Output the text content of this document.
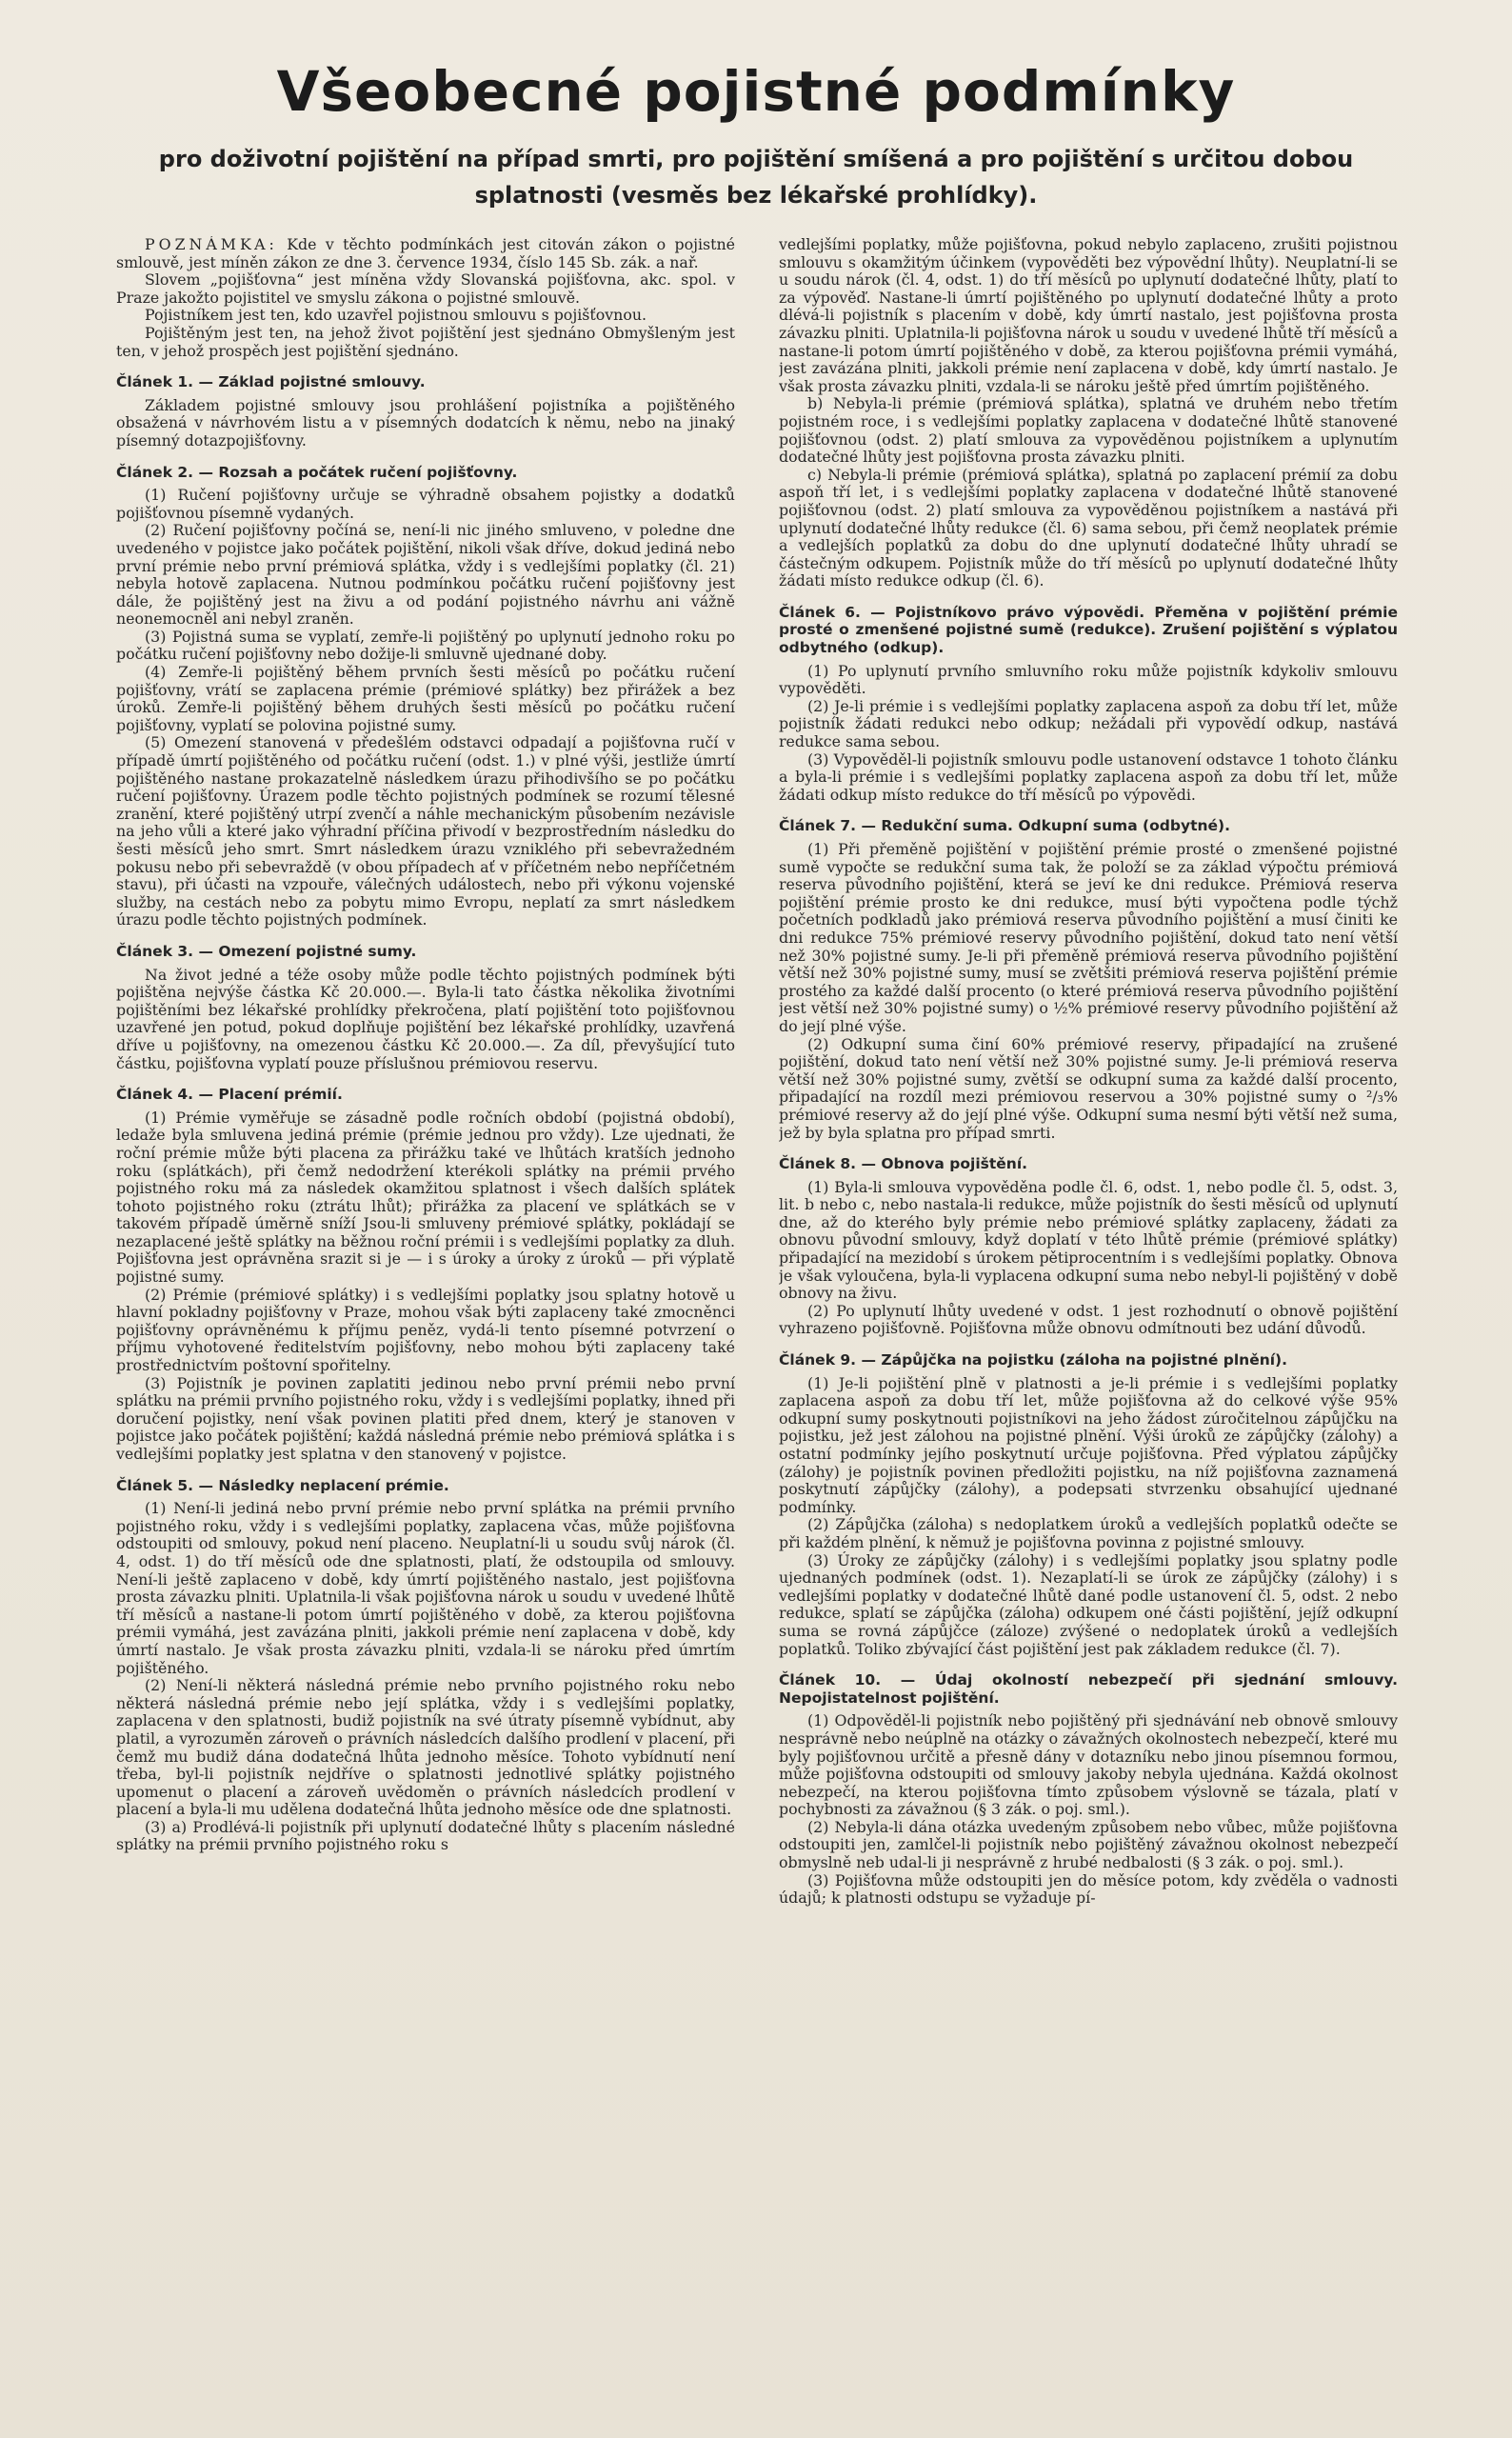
Všeobecné pojistné podmínky
pro doživotní pojištění na případ smrti, pro pojištění smíšená a pro pojištění s určitou dobou splatnosti (vesměs bez lékařské prohlídky).

POZNÁMKA: Kde v těchto podmínkách jest citován zákon o pojistné smlouvě, jest míněn zákon ze dne 3. července 1934, číslo 145 Sb. zák. a nař.

Slovem „pojišťovna“ jest míněna vždy Slovanská pojišťovna, akc. spol. v Praze jakožto pojistitel ve smyslu zákona o pojistné smlouvě.

Pojistníkem jest ten, kdo uzavřel pojistnou smlouvu s pojišťovnou.

Pojištěným jest ten, na jehož život pojištění jest sjednáno Obmyšleným jest ten, v jehož prospěch jest pojištění sjednáno.

Článek 1. — Základ pojistné smlouvy.

Základem pojistné smlouvy jsou prohlášení pojistníka a pojištěného obsažená v návrhovém listu a v písemných dodatcích k němu, nebo na jinaký písemný dotazpojišťovny.

Článek 2. — Rozsah a počátek ručení pojišťovny.

(1) Ručení pojišťovny určuje se výhradně obsahem pojistky a dodatků pojišťovnou písemně vydaných.

(2) Ručení pojišťovny počíná se, není-li nic jiného smluveno, v poledne dne uvedeného v pojistce jako počátek pojištění, nikoli však dříve, dokud jediná nebo první prémie nebo první prémiová splátka, vždy i s vedlejšími poplatky (čl. 21) nebyla hotově zaplacena. Nutnou podmínkou počátku ručení pojišťovny jest dále, že pojištěný jest na živu a od podání pojistného návrhu ani vážně neonemocněl ani nebyl zraněn.

(3) Pojistná suma se vyplatí, zemře-li pojištěný po uplynutí jednoho roku po počátku ručení pojišťovny nebo dožije-li smluvně ujednané doby.

(4) Zemře-li pojištěný během prvních šesti měsíců po počátku ručení pojišťovny, vrátí se zaplacena prémie (prémiové splátky) bez přirážek a bez úroků. Zemře-li pojištěný během druhých šesti měsíců po počátku ručení pojišťovny, vyplatí se polovina pojistné sumy.

(5) Omezení stanovená v předešlém odstavci odpadají a pojišťovna ručí v případě úmrtí pojištěného od počátku ručení (odst. 1.) v plné výši, jestliže úmrtí pojištěného nastane prokazatelně následkem úrazu přihodivšího se po počátku ručení pojišťovny. Úrazem podle těchto pojistných podmínek se rozumí tělesné zranění, které pojištěný utrpí zvenčí a náhle mechanickým působením nezávisle na jeho vůli a které jako výhradní příčina přivodí v bezprostředním následku do šesti měsíců jeho smrt. Smrt následkem úrazu vzniklého při sebevražedném pokusu nebo při sebevraždě (v obou případech ať v příčetném nebo nepříčetném stavu), při účasti na vzpouře, válečných událostech, nebo při výkonu vojenské služby, na cestách nebo za pobytu mimo Evropu, neplatí za smrt následkem úrazu podle těchto pojistných podmínek.

Článek 3. — Omezení pojistné sumy.

Na život jedné a téže osoby může podle těchto pojistných podmínek býti pojištěna nejvýše částka Kč 20.000.—. Byla-li tato částka několika životními pojištěními bez lékařské prohlídky překročena, platí pojištění toto pojišťovnou uzavřené jen potud, pokud doplňuje pojištění bez lékařské prohlídky, uzavřená dříve u pojišťovny, na omezenou částku Kč 20.000.—. Za díl, převyšující tuto částku, pojišťovna vyplatí pouze příslušnou prémiovou reservu.

Článek 4. — Placení prémií.

(1) Prémie vyměřuje se zásadně podle ročních období (pojistná období), ledaže byla smluvena jediná prémie (prémie jednou pro vždy). Lze ujednati, že roční prémie může býti placena za přirážku také ve lhůtách kratších jednoho roku (splátkách), při čemž nedodržení kterékoli splátky na prémii prvého pojistného roku má za následek okamžitou splatnost i všech dalších splátek tohoto pojistného roku (ztrátu lhůt); přirážka za placení ve splátkách se v takovém případě úměrně sníží Jsou-li smluveny prémiové splátky, pokládají se nezaplacené ještě splátky na běžnou roční prémii i s vedlejšími poplatky za dluh. Pojišťovna jest oprávněna srazit si je — i s úroky a úroky z úroků — při výplatě pojistné sumy.

(2) Prémie (prémiové splátky) i s vedlejšími poplatky jsou splatny hotově u hlavní pokladny pojišťovny v Praze, mohou však býti zaplaceny také zmocněnci pojišťovny oprávněnému k příjmu peněz, vydá-li tento písemné potvrzení o příjmu vyhotovené ředitelstvím pojišťovny, nebo mohou býti zaplaceny také prostřednictvím poštovní spořitelny.

(3) Pojistník je povinen zaplatiti jedinou nebo první prémii nebo první splátku na prémii prvního pojistného roku, vždy i s vedlejšími poplatky, ihned při doručení pojistky, není však povinen platiti před dnem, který je stanoven v pojistce jako počátek pojištění; každá následná prémie nebo prémiová splátka i s vedlejšími poplatky jest splatna v den stanovený v pojistce.

Článek 5. — Následky neplacení prémie.

(1) Není-li jediná nebo první prémie nebo první splátka na prémii prvního pojistného roku, vždy i s vedlejšími poplatky, zaplacena včas, může pojišťovna odstoupiti od smlouvy, pokud není placeno. Neuplatní-li u soudu svůj nárok (čl. 4, odst. 1) do tří měsíců ode dne splatnosti, platí, že odstoupila od smlouvy. Není-li ještě zaplaceno v době, kdy úmrtí pojištěného nastalo, jest pojišťovna prosta závazku plniti. Uplatnila-li však pojišťovna nárok u soudu v uvedené lhůtě tří měsíců a nastane-li potom úmrtí pojištěného v době, za kterou pojišťovna prémii vymáhá, jest zavázána plniti, jakkoli prémie není zaplacena v době, kdy úmrtí nastalo. Je však prosta závazku plniti, vzdala-li se nároku před úmrtím pojištěného.

(2) Není-li některá následná prémie nebo prvního pojistného roku nebo některá následná prémie nebo její splátka, vždy i s vedlejšími poplatky, zaplacena v den splatnosti, budiž pojistník na své útraty písemně vybídnut, aby platil, a vyrozuměn zároveň o právních následcích dalšího prodlení v placení, při čemž mu budiž dána dodatečná lhůta jednoho měsíce. Tohoto vybídnutí není třeba, byl-li pojistník nejdříve o splatnosti jednotlivé splátky pojistného upomenut o placení a zároveň uvědoměn o právních následcích prodlení v placení a byla-li mu udělena dodatečná lhůta jednoho měsíce ode dne splatnosti.

(3) a) Prodlévá-li pojistník při uplynutí dodatečné lhůty s placením následné splátky na prémii prvního pojistného roku s

vedlejšími poplatky, může pojišťovna, pokud nebylo zaplaceno, zrušiti pojistnou smlouvu s okamžitým účinkem (vypověděti bez výpovědní lhůty). Neuplatní-li se u soudu nárok (čl. 4, odst. 1) do tří měsíců po uplynutí dodatečné lhůty, platí to za výpověď. Nastane-li úmrtí pojištěného po uplynutí dodatečné lhůty a proto dlévá-li pojistník s placením v době, kdy úmrtí nastalo, jest pojišťovna prosta závazku plniti. Uplatnila-li pojišťovna nárok u soudu v uvedené lhůtě tří měsíců a nastane-li potom úmrtí pojištěného v době, za kterou pojišťovna prémii vymáhá, jest zavázána plniti, jakkoli prémie není zaplacena v době, kdy úmrtí nastalo. Je však prosta závazku plniti, vzdala-li se nároku ještě před úmrtím pojištěného.

b) Nebyla-li prémie (prémiová splátka), splatná ve druhém nebo třetím pojistném roce, i s vedlejšími poplatky zaplacena v dodatečné lhůtě stanovené pojišťovnou (odst. 2) platí smlouva za vypověděnou pojistníkem a uplynutím dodatečné lhůty jest pojišťovna prosta závazku plniti.

c) Nebyla-li prémie (prémiová splátka), splatná po zaplacení prémií za dobu aspoň tří let, i s vedlejšími poplatky zaplacena v dodatečné lhůtě stanovené pojišťovnou (odst. 2) platí smlouva za vypověděnou pojistníkem a nastává při uplynutí dodatečné lhůty redukce (čl. 6) sama sebou, při čemž neoplatek prémie a vedlejších poplatků za dobu do dne uplynutí dodatečné lhůty uhradí se částečným odkupem. Pojistník může do tří měsíců po uplynutí dodatečné lhůty žádati místo redukce odkup (čl. 6).

Článek 6. — Pojistníkovo právo výpovědi. Přeměna v pojištění prémie prosté o zmenšené pojistné sumě (redukce). Zrušení pojištění s výplatou odbytného (odkup).

(1) Po uplynutí prvního smluvního roku může pojistník kdykoliv smlouvu vypověděti.

(2) Je-li prémie i s vedlejšími poplatky zaplacena aspoň za dobu tří let, může pojistník žádati redukci nebo odkup; nežádali při vypovědí odkup, nastává redukce sama sebou.

(3) Vypověděl-li pojistník smlouvu podle ustanovení odstavce 1 tohoto článku a byla-li prémie i s vedlejšími poplatky zaplacena aspoň za dobu tří let, může žádati odkup místo redukce do tří měsíců po výpovědi.

Článek 7. — Redukční suma. Odkupní suma (odbytné).

(1) Při přeměně pojištění v pojištění prémie prosté o zmenšené pojistné sumě vypočte se redukční suma tak, že položí se za základ výpočtu prémiová reserva původního pojištění, která se jeví ke dni redukce. Prémiová reserva pojištění prémie prosto ke dni redukce, musí býti vypočtena podle týchž početních podkladů jako prémiová reserva původního pojištění a musí činiti ke dni redukce 75% prémiové reservy původního pojištění, dokud tato není větší než 30% pojistné sumy. Je-li při přeměně prémiová reserva původního pojištění větší než 30% pojistné sumy, musí se zvětšiti prémiová reserva pojištění prémie prostého za každé další procento (o které prémiová reserva původního pojištění jest větší než 30% pojistné sumy) o ½% prémiové reservy původního pojištění až do její plné výše.

(2) Odkupní suma činí 60% prémiové reservy, připadající na zrušené pojištění, dokud tato není větší než 30% pojistné sumy. Je-li prémiová reserva větší než 30% pojistné sumy, zvětší se odkupní suma za každé další procento, připadající na rozdíl mezi prémiovou reservou a 30% pojistné sumy o ²/₃% prémiové reservy až do její plné výše. Odkupní suma nesmí býti větší než suma, jež by byla splatna pro případ smrti.

Článek 8. — Obnova pojištění.

(1) Byla-li smlouva vypověděna podle čl. 6, odst. 1, nebo podle čl. 5, odst. 3, lit. b nebo c, nebo nastala-li redukce, může pojistník do šesti měsíců od uplynutí dne, až do kterého byly prémie nebo prémiové splátky zaplaceny, žádati za obnovu původní smlouvy, když doplatí v této lhůtě prémie (prémiové splátky) připadající na mezidobí s úrokem pětiprocentním i s vedlejšími poplatky. Obnova je však vyloučena, byla-li vyplacena odkupní suma nebo nebyl-li pojištěný v době obnovy na živu.

(2) Po uplynutí lhůty uvedené v odst. 1 jest rozhodnutí o obnově pojištění vyhrazeno pojišťovně. Pojišťovna může obnovu odmítnouti bez udání důvodů.

Článek 9. — Zápůjčka na pojistku (záloha na pojistné plnění).

(1) Je-li pojištění plně v platnosti a je-li prémie i s vedlejšími poplatky zaplacena aspoň za dobu tří let, může pojišťovna až do celkové výše 95% odkupní sumy poskytnouti pojistníkovi na jeho žádost zúročitelnou zápůjčku na pojistku, jež jest zálohou na pojistné plnění. Výši úroků ze zápůjčky (zálohy) a ostatní podmínky jejího poskytnutí určuje pojišťovna. Před výplatou zápůjčky (zálohy) je pojistník povinen předložiti pojistku, na níž pojišťovna zaznamená poskytnutí zápůjčky (zálohy), a podepsati stvrzenku obsahující ujednané podmínky.

(2) Zápůjčka (záloha) s nedoplatkem úroků a vedlejších poplatků odečte se při každém plnění, k němuž je pojišťovna povinna z pojistné smlouvy.

(3) Úroky ze zápůjčky (zálohy) i s vedlejšími poplatky jsou splatny podle ujednaných podmínek (odst. 1). Nezaplatí-li se úrok ze zápůjčky (zálohy) i s vedlejšími poplatky v dodatečné lhůtě dané podle ustanovení čl. 5, odst. 2 nebo redukce, splatí se zápůjčka (záloha) odkupem oné části pojištění, jejíž odkupní suma se rovná zápůjčce (záloze) zvýšené o nedoplatek úroků a vedlejších poplatků. Toliko zbývající část pojištění jest pak základem redukce (čl. 7).

Článek 10. — Údaj okolností nebezpečí při sjednání smlouvy. Nepojistatelnost pojištění.

(1) Odpověděl-li pojistník nebo pojištěný při sjednávání neb obnově smlouvy nesprávně nebo neúplně na otázky o závažných okolnostech nebezpečí, které mu byly pojišťovnou určitě a přesně dány v dotazníku nebo jinou písemnou formou, může pojišťovna odstoupiti od smlouvy jakoby nebyla ujednána. Každá okolnost nebezpečí, na kterou pojišťovna tímto způsobem výslovně se tázala, platí v pochybnosti za závažnou (§ 3 zák. o poj. sml.).

(2) Nebyla-li dána otázka uvedeným způsobem nebo vůbec, může pojišťovna odstoupiti jen, zamlčel-li pojistník nebo pojištěný závažnou okolnost nebezpečí obmyslně neb udal-li ji nesprávně z hrubé nedbalosti (§ 3 zák. o poj. sml.).

(3) Pojišťovna může odstoupiti jen do měsíce potom, kdy zvěděla o vadnosti údajů; k platnosti odstupu se vyžaduje pí-
